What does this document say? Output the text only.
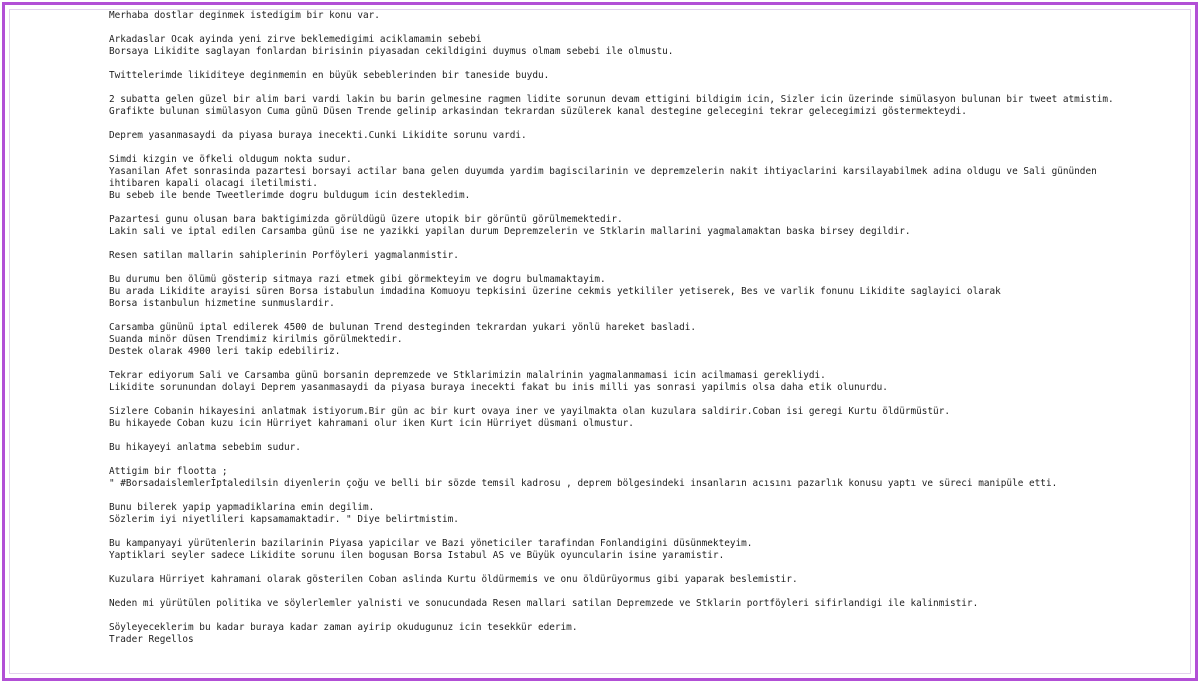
Merhaba dostlar deginmek istedigim bir konu var.
Arkadaslar Ocak ayinda yeni zirve beklemedigimi aciklamamin sebebi
Borsaya Likidite saglayan fonlardan birisinin piyasadan cekildigini duymus olmam sebebi ile olmustu.
Twittelerimde likiditeye deginmemin en büyük sebeblerinden bir taneside buydu.
2 subatta gelen güzel bir alim bari vardi lakin bu barin gelmesine ragmen lidite sorunun devam ettigini bildigim icin, Sizler icin üzerinde simülasyon bulunan bir tweet atmistim.
Grafikte bulunan simülasyon Cuma günü Düsen Trende gelinip arkasindan tekrardan süzülerek kanal destegine gelecegini tekrar gelecegimizi göstermekteydi.
Deprem yasanmasaydi da piyasa buraya inecekti.Cunki Likidite sorunu vardi.
Simdi kizgin ve öfkeli oldugum nokta sudur.
Yasanilan Afet sonrasinda pazartesi borsayi actilar bana gelen duyumda yardim bagiscilarinin ve depremzelerin nakit ihtiyaclarini karsilayabilmek adina oldugu ve Sali gününden
ihtibaren kapali olacagi iletilmisti.
Bu sebeb ile bende Tweetlerimde dogru buldugum icin destekledim.
Pazartesi gunu olusan bara baktigimizda görüldügü üzere utopik bir görüntü görülmemektedir.
Lakin sali ve iptal edilen Carsamba günü ise ne yazikki yapilan durum Depremzelerin ve Stklarin mallarini yagmalamaktan baska birsey degildir.
Resen satilan mallarin sahiplerinin Porföyleri yagmalanmistir.
Bu durumu ben ölümü gösterip sitmaya razi etmek gibi görmekteyim ve dogru bulmamaktayim.
Bu arada Likidite arayisi süren Borsa istabulun imdadina Komuoyu tepkisini üzerine cekmis yetkililer yetiserek, Bes ve varlik fonunu Likidite saglayici olarak
Borsa istanbulun hizmetine sunmuslardir.
Carsamba gününü iptal edilerek 4500 de bulunan Trend desteginden tekrardan yukari yönlü hareket basladi.
Suanda minör düsen Trendimiz kirilmis görülmektedir.
Destek olarak 4900 leri takip edebiliriz.
Tekrar ediyorum Sali ve Carsamba günü borsanin depremzede ve Stklarimizin malalrinin yagmalanmamasi icin acilmamasi gerekliydi.
Likidite sorunundan dolayi Deprem yasanmasaydi da piyasa buraya inecekti fakat bu inis milli yas sonrasi yapilmis olsa daha etik olunurdu.
Sizlere Cobanin hikayesini anlatmak istiyorum.Bir gün ac bir kurt ovaya iner ve yayilmakta olan kuzulara saldirir.Coban isi geregi Kurtu öldürmüstür.
Bu hikayede Coban kuzu icin Hürriyet kahramani olur iken Kurt icin Hürriyet düsmani olmustur.
Bu hikayeyi anlatma sebebim sudur.
Attigim bir flootta ;
" #Borsadaislemlerİptaledilsin diyenlerin çoğu ve belli bir sözde temsil kadrosu , deprem bölgesindeki insanların acısını pazarlık konusu yaptı ve süreci manipüle etti.
Bunu bilerek yapip yapmadiklarina emin degilim.
Sözlerim iyi niyetlileri kapsamamaktadir. " Diye belirtmistim.
Bu kampanyayi yürütenlerin bazilarinin Piyasa yapicilar ve Bazi yöneticiler tarafindan Fonlandigini düsünmekteyim.
Yaptiklari seyler sadece Likidite sorunu ilen bogusan Borsa Istabul AS ve Büyük oyuncularin isine yaramistir.
Kuzulara Hürriyet kahramani olarak gösterilen Coban aslinda Kurtu öldürmemis ve onu öldürüyormus gibi yaparak beslemistir.
Neden mi yürütülen politika ve söylerlemler yalnisti ve sonucundada Resen mallari satilan Depremzede ve Stklarin portföyleri sifirlandigi ile kalinmistir.
Söyleyeceklerim bu kadar buraya kadar zaman ayirip okudugunuz icin tesekkür ederim.
Trader Regellos
